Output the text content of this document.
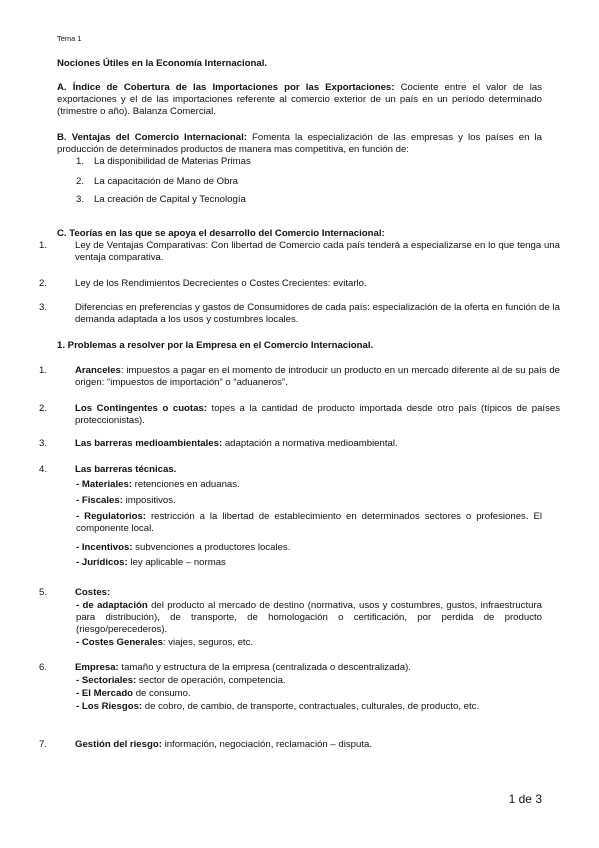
Tema 1
Nociones Útiles en la Economía Internacional.
A. Índice de Cobertura de las Importaciones por las Exportaciones: Cociente entre el valor de las exportaciones y el de las importaciones referente al comercio exterior de un país en un período determinado (trimestre o año). Balanza Comercial.
B. Ventajas del Comercio Internacional: Fomenta la especialización de las empresas y los países en la producción de determinados productos de manera mas competitiva, en función de:
1. La disponibilidad de Materias Primas
2. La capacitación de Mano de Obra
3. La creación de Capital y Tecnología
C. Teorías en las que se apoya el desarrollo del Comercio Internacional:
1.	Ley de Ventajas Comparativas: Con libertad de Comercio cada país tenderá a especializarse en lo que tenga una ventaja comparativa.
2.	Ley de los Rendimientos Decrecientes o Costes Crecientes: evitarlo.
3.	Diferencias en preferencias y gastos de Consumidores de cada país: especialización de la oferta en función de la demanda adaptada a los usos y costumbres locales.
1. Problemas a resolver por la Empresa en el Comercio Internacional.
1.	Aranceles: impuestos a pagar en el momento de introducir un producto en un mercado diferente al de su país de origen: “impuestos de importación” o “aduaneros”.
2.	Los Contingentes o cuotas: topes a la cantidad de producto importada desde otro país (típicos de países proteccionistas).
3.	Las barreras medioambientales: adaptación a normativa medioambiental.
4.	Las barreras técnicas.
- Materiales: retenciones en aduanas.
- Fiscales: impositivos.
- Regulatorios: restricción a la libertad de establecimiento en determinados sectores o profesiones. El componente local.
- Incentivos: subvenciones a productores locales.
- Jurídicos: ley aplicable – normas
5.	Costes:
- de adaptación del producto al mercado de destino (normativa, usos y costumbres, gustos, infraestructura para distribución), de transporte, de homologación o certificación, por perdida de producto (riesgo/perecederos).
- Costes Generales: viajes, seguros, etc.
6.	Empresa: tamaño y estructura de la empresa (centralizada o descentralizada).
- Sectoriales: sector de operación, competencia.
- El Mercado de consumo.
- Los Riesgos: de cobro, de cambio, de transporte, contractuales, culturales, de producto, etc.
7.	Gestión del riesgo: información, negociación, reclamación – disputa.
1 de 3
